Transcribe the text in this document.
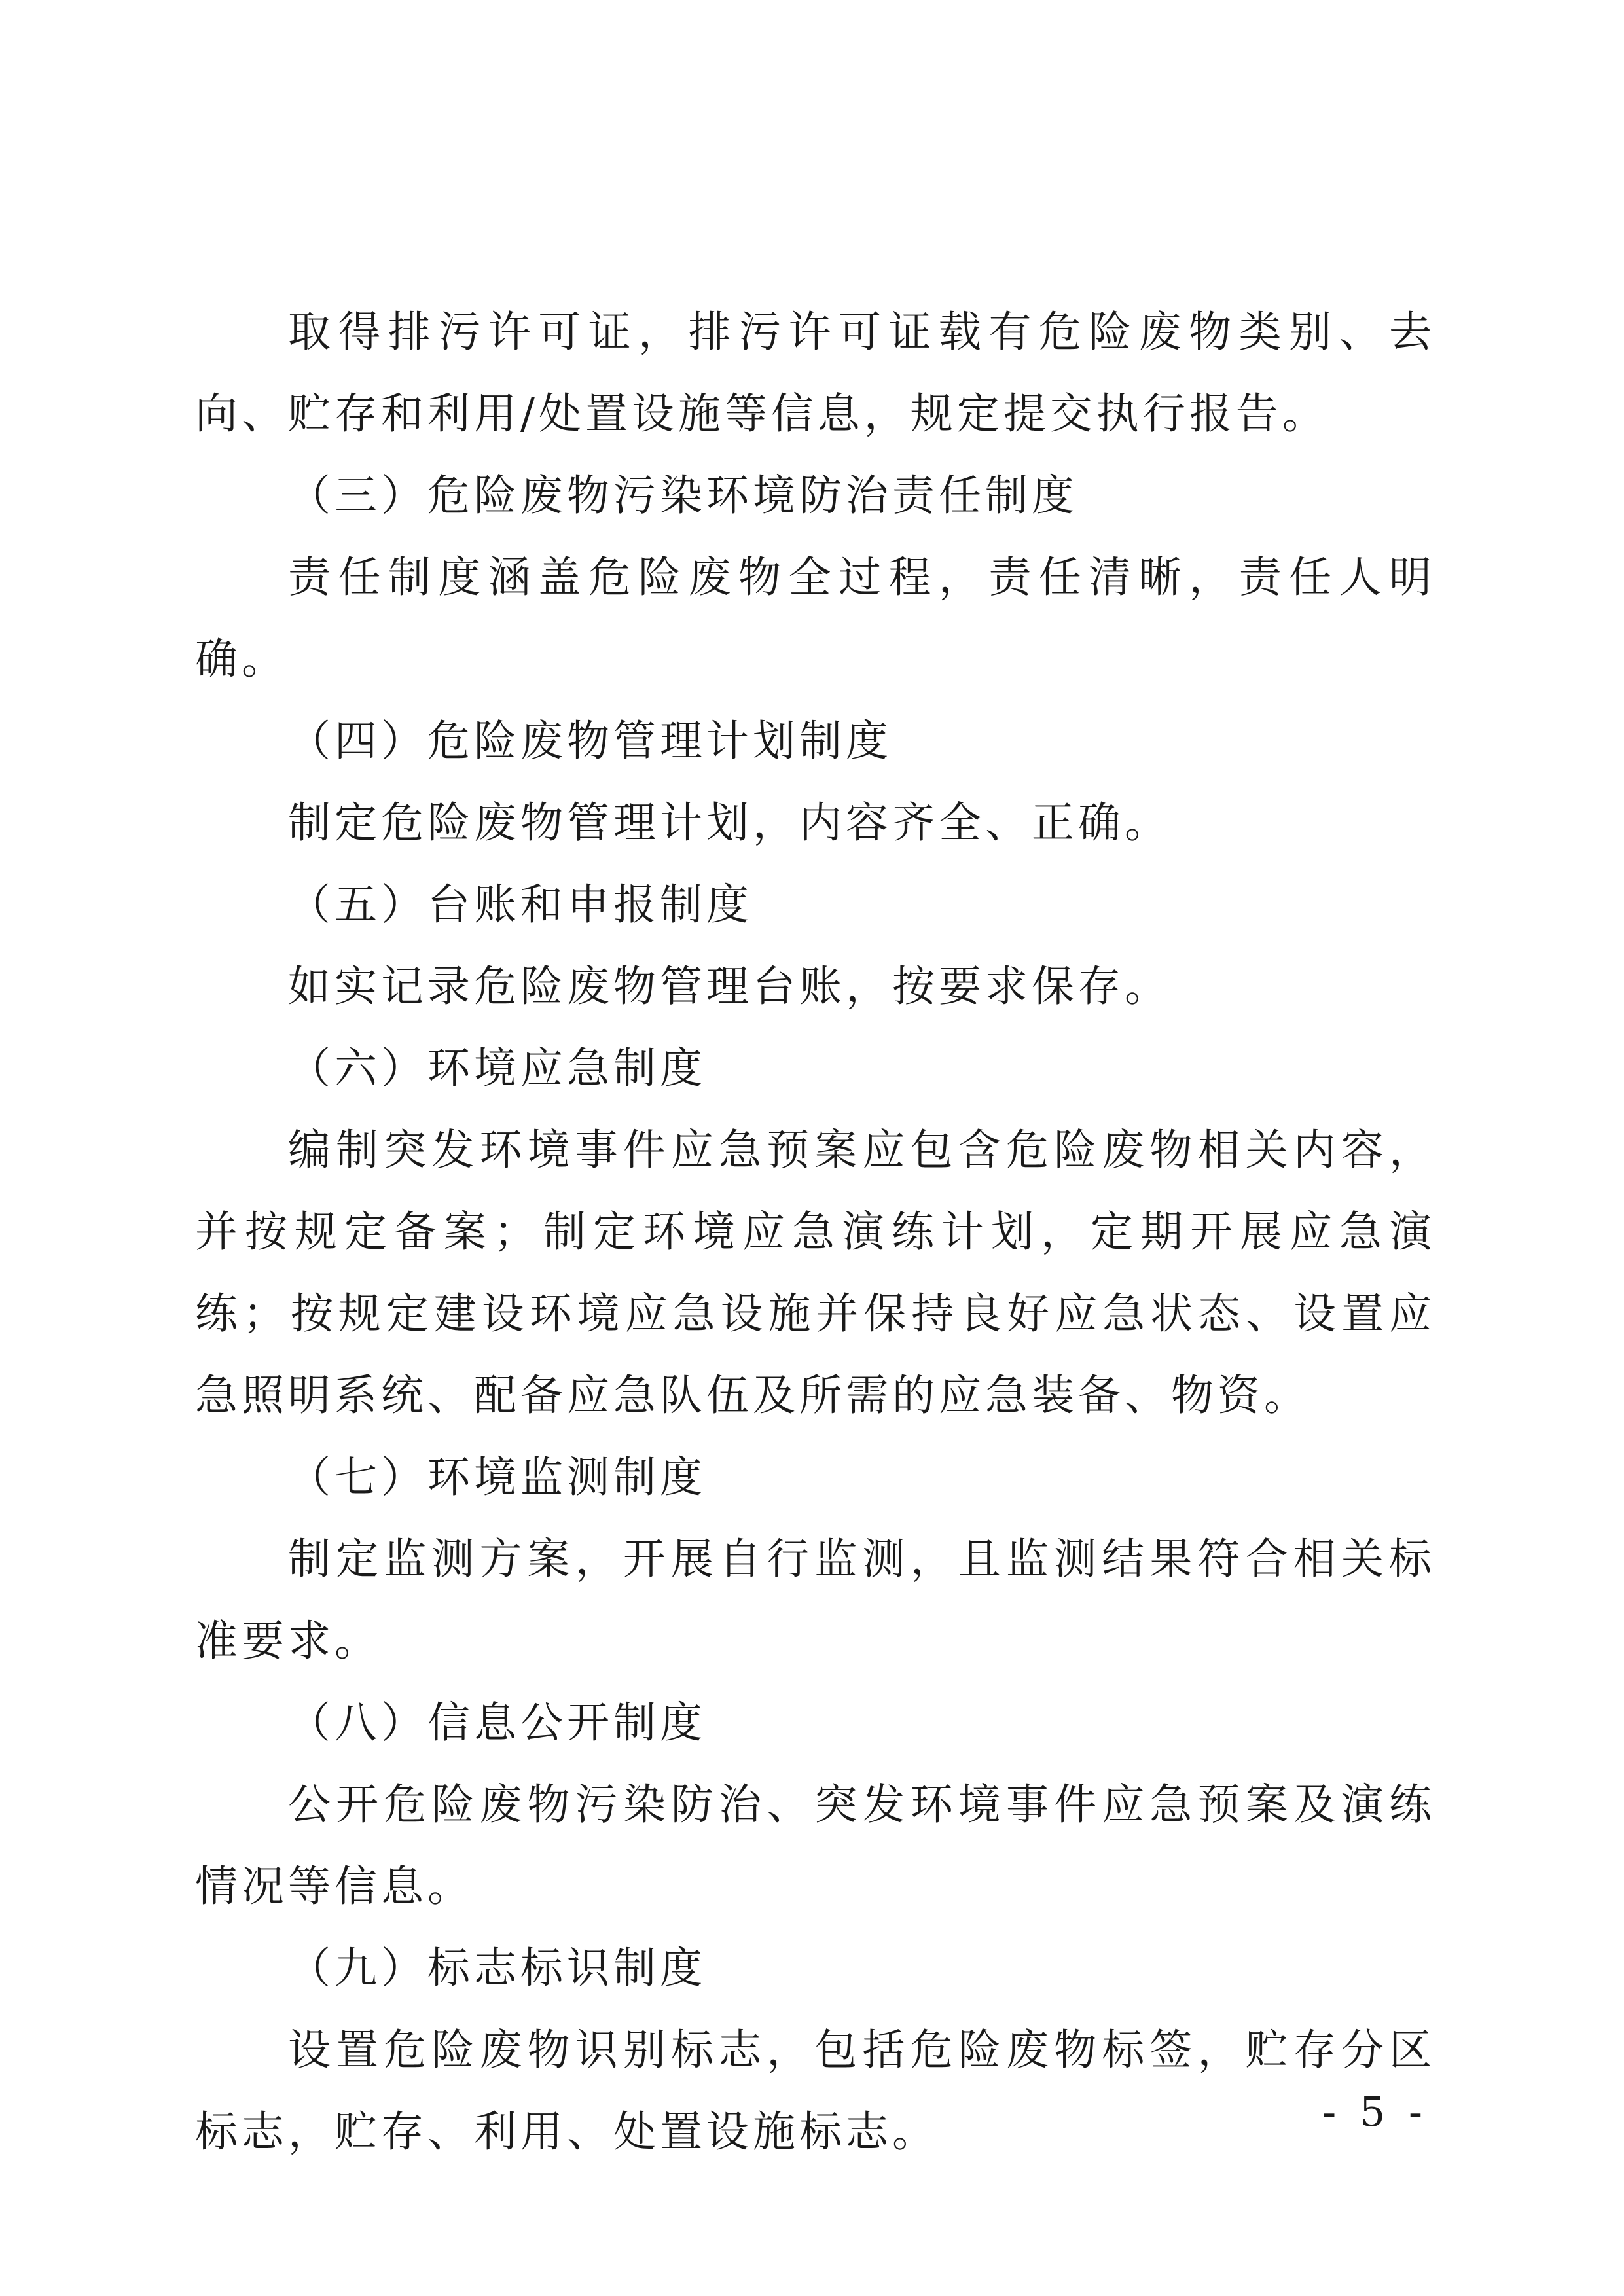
取得排污许可证，排污许可证载有危险废物类别、去向、贮存和利用/处置设施等信息，规定提交执行报告。

（三）危险废物污染环境防治责任制度

责任制度涵盖危险废物全过程，责任清晰，责任人明确。

（四）危险废物管理计划制度

制定危险废物管理计划，内容齐全、正确。

（五）台账和申报制度

如实记录危险废物管理台账，按要求保存。

（六）环境应急制度

编制突发环境事件应急预案应包含危险废物相关内容，并按规定备案；制定环境应急演练计划，定期开展应急演练；按规定建设环境应急设施并保持良好应急状态、设置应急照明系统、配备应急队伍及所需的应急装备、物资。

（七）环境监测制度

制定监测方案，开展自行监测，且监测结果符合相关标准要求。

（八）信息公开制度

公开危险废物污染防治、突发环境事件应急预案及演练情况等信息。

（九）标志标识制度

设置危险废物识别标志，包括危险废物标签，贮存分区标志，贮存、利用、处置设施标志。	- 5 -
